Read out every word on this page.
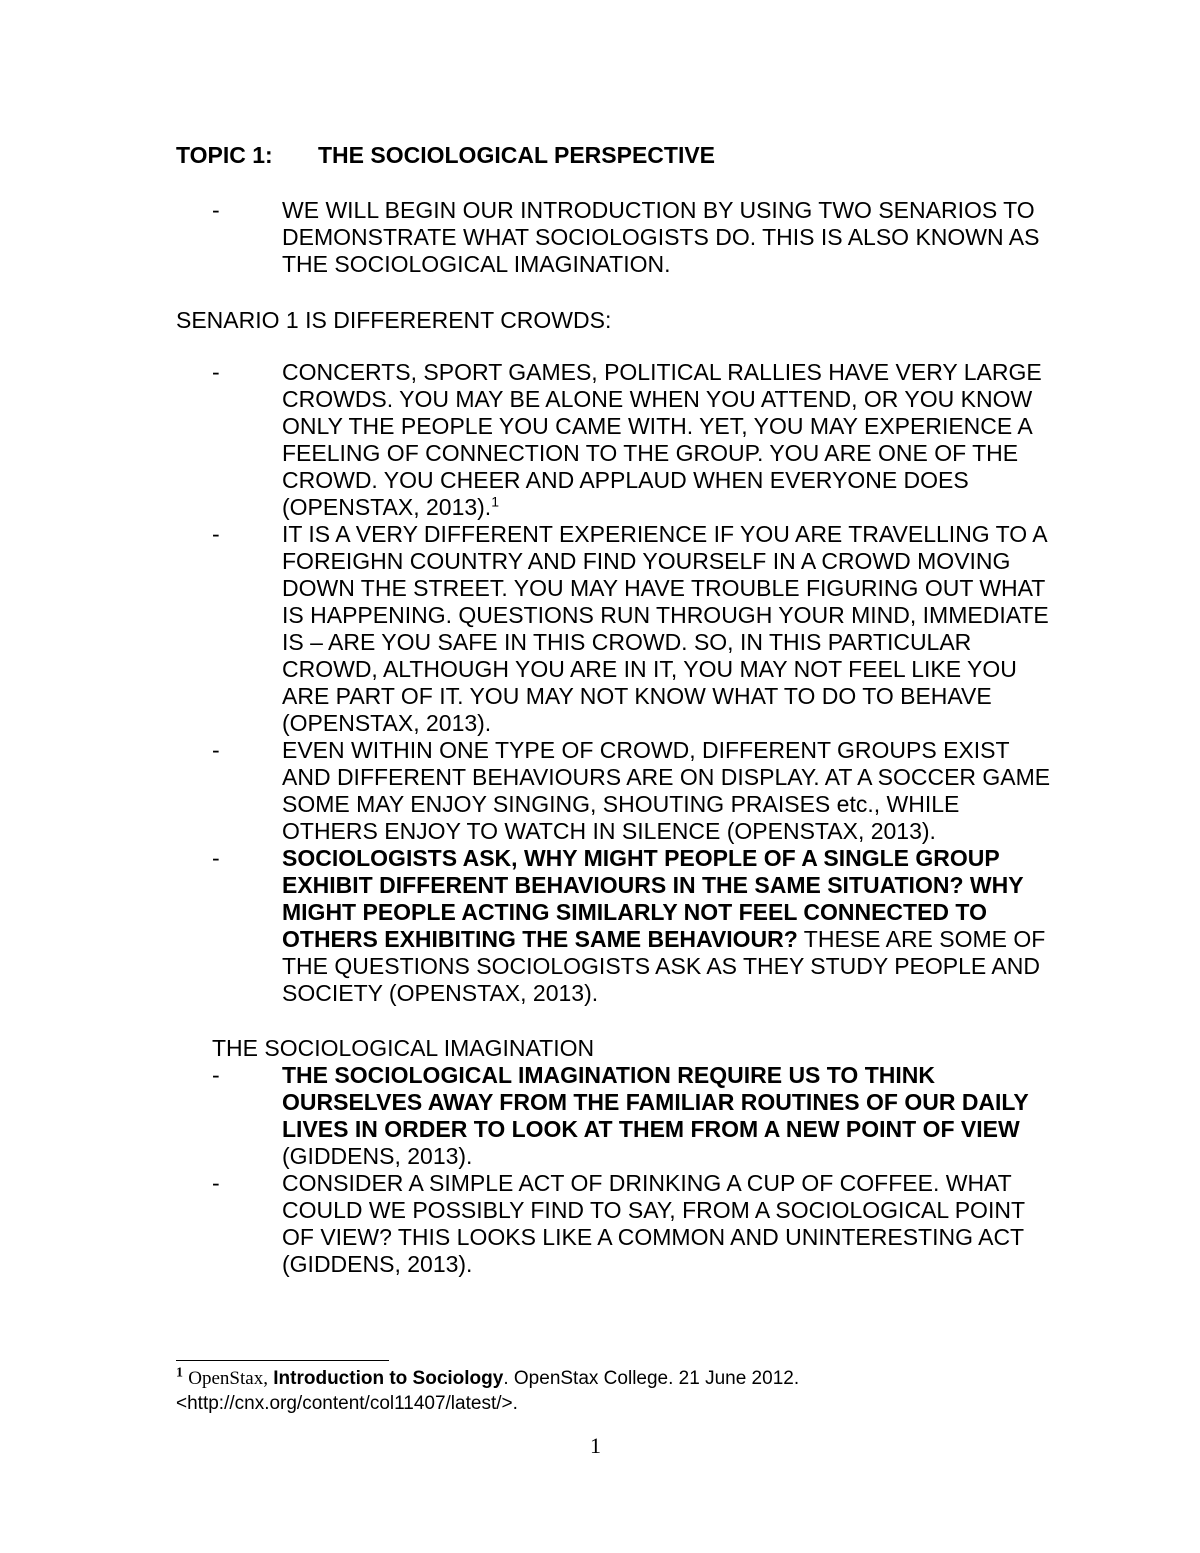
TOPIC 1: THE SOCIOLOGICAL PERSPECTIVE
-	WE WILL BEGIN OUR INTRODUCTION BY USING TWO SENARIOS TO DEMONSTRATE WHAT SOCIOLOGISTS DO. THIS IS ALSO KNOWN AS THE SOCIOLOGICAL IMAGINATION.
SENARIO 1 IS DIFFERERENT CROWDS:
-	CONCERTS, SPORT GAMES, POLITICAL RALLIES HAVE VERY LARGE CROWDS. YOU MAY BE ALONE WHEN YOU ATTEND, OR YOU KNOW ONLY THE PEOPLE YOU CAME WITH. YET, YOU MAY EXPERIENCE A FEELING OF CONNECTION TO THE GROUP. YOU ARE ONE OF THE CROWD. YOU CHEER AND APPLAUD WHEN EVERYONE DOES (OPENSTAX, 2013).$^1$
-	IT IS A VERY DIFFERENT EXPERIENCE IF YOU ARE TRAVELLING TO A FOREIGHN COUNTRY AND FIND YOURSELF IN A CROWD MOVING DOWN THE STREET. YOU MAY HAVE TROUBLE FIGURING OUT WHAT IS HAPPENING. QUESTIONS RUN THROUGH YOUR MIND, IMMEDIATE IS – ARE YOU SAFE IN THIS CROWD. SO, IN THIS PARTICULAR CROWD, ALTHOUGH YOU ARE IN IT, YOU MAY NOT FEEL LIKE YOU ARE PART OF IT. YOU MAY NOT KNOW WHAT TO DO TO BEHAVE (OPENSTAX, 2013).
-	EVEN WITHIN ONE TYPE OF CROWD, DIFFERENT GROUPS EXIST AND DIFFERENT BEHAVIOURS ARE ON DISPLAY. AT A SOCCER GAME SOME MAY ENJOY SINGING, SHOUTING PRAISES etc., WHILE OTHERS ENJOY TO WATCH IN SILENCE (OPENSTAX, 2013).
-	SOCIOLOGISTS ASK, WHY MIGHT PEOPLE OF A SINGLE GROUP EXHIBIT DIFFERENT BEHAVIOURS IN THE SAME SITUATION? WHY MIGHT PEOPLE ACTING SIMILARLY NOT FEEL CONNECTED TO OTHERS EXHIBITING THE SAME BEHAVIOUR? THESE ARE SOME OF THE QUESTIONS SOCIOLOGISTS ASK AS THEY STUDY PEOPLE AND SOCIETY (OPENSTAX, 2013).
THE SOCIOLOGICAL IMAGINATION
-	THE SOCIOLOGICAL IMAGINATION REQUIRE US TO THINK OURSELVES AWAY FROM THE FAMILIAR ROUTINES OF OUR DAILY LIVES IN ORDER TO LOOK AT THEM FROM A NEW POINT OF VIEW (GIDDENS, 2013).
-	CONSIDER A SIMPLE ACT OF DRINKING A CUP OF COFFEE. WHAT COULD WE POSSIBLY FIND TO SAY, FROM A SOCIOLOGICAL POINT OF VIEW? THIS LOOKS LIKE A COMMON AND UNINTERESTING ACT (GIDDENS, 2013).
$^1$ OpenStax, Introduction to Sociology. OpenStax College. 21 June 2012.
<http://cnx.org/content/col11407/latest/>.
1
